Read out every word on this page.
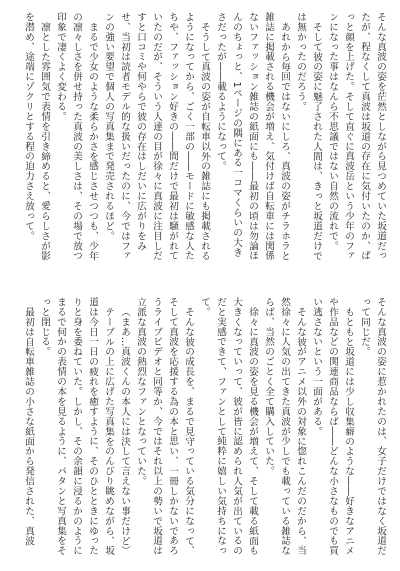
そんな真波の姿を茫然としながら見つめていた坂道だったが、程なくして真波は坂道の存在に気付いたのか、ぱっと顔を上げた。そして直ぐに真波岳という少年のファンになった事はなんら不思議ではない自然の流れで。

そして彼の姿に魅了された人間は、きっと坂道だけでは無かったのだろう。

あれから毎回ではないにしろ、真波の姿がチラホラと雑誌に掲載される機会が増え、気付けば自転車には関係ないファッション雑誌の紙面にも――最初の頃は勿論ほんのちょっと、1ページの隅にある一コマくらいの大きさだったが――載るようになって。

そうして真波の姿が自転車以外の雑誌にも掲載されるようになってから、ごく一部の――モードに敏感な人たちや、ファッション好きの――間だけで最初は騒がれていたのだが、そういう人達の目が徐々に真波に注目しだすと口コミや何やらで彼の存在はしだいに広がりをみせ、当初は読者モデル的な扱いだったのに、今ではファンの強い要望で個人の写真集まで発売されるほど。

まるで少女のような柔らかさを感じさせつつも、少年の凛々しさを併せ持った真波の美しさは、その場で放つ印象で凄くよく変わる。

凛とした雰囲気で表情を引き締めると、愛らしさが影を潜め、途端にゾクリとする程の迫力さえ放って。

そんな真波の姿に惹かれたのは、女子だけではなく坂道だって同じだ。

もともと坂道には少し収集癖のような――好きなアニメや作品などの関連商品ならば――どんな小さなものでも買い逃さないという一面がある。

そんな彼がアニメ以外の対象に惚れこんだのだから、当然徐々に人気の出てきた真波が少しでも載っている雑誌ならば、当然のごとく全て購入していた。

徐々に真波の姿を見る機会が増えて、そして載る紙面も大きくなっていって、彼が皆に認められ人気が出ているのだと実感できて、ファンとして純粋に嬉しい気持ちになって。

そんな彼の成長を、まるで見守っている気分になって、そして真波を応援する為の本と思い、一冊しかないであろうライブビデオと同等か、今ではそれ以上の勢いで坂道は立派な真波の熱烈なファンとなっていた。

（まあ…真波くんの本人には決して言えない事だけど）

テーブルの上に広げた写真集をのんびり眺めながら、坂道は今日一日の疲れを癒すように、そのひとときにゆったりと身を委ねていた。しかし、その余韻に浸るかのようにまるで何かの表情の本を見るように、パタンと写真集をそっと閉じる。

最初は自転車雑誌の小さな紙面から発信された、真波
